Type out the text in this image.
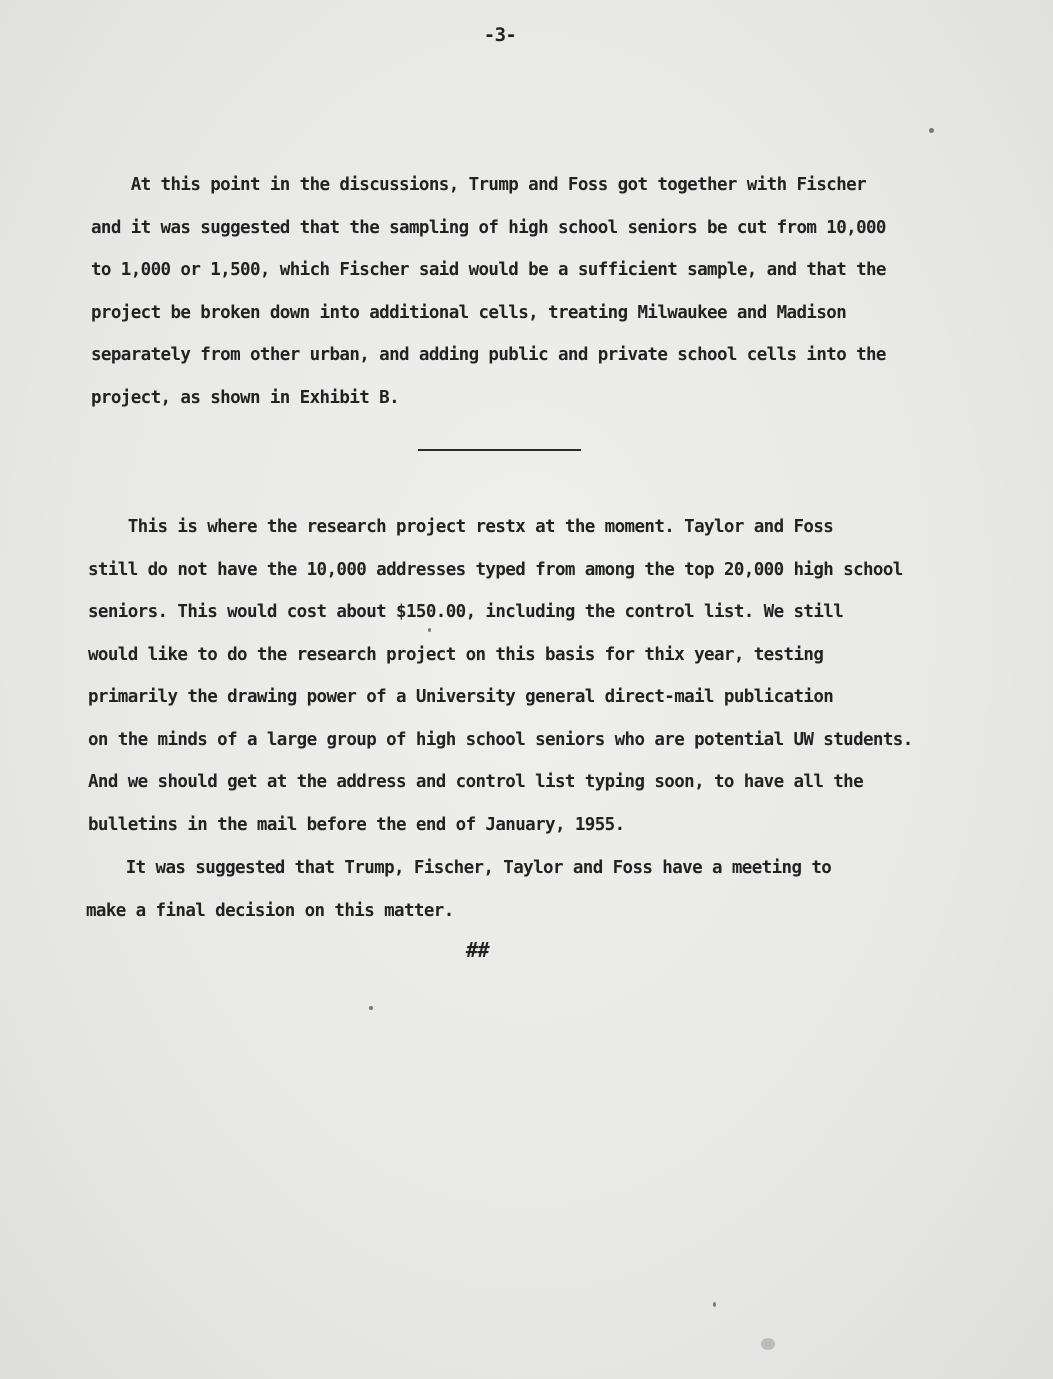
-3-
At this point in the discussions, Trump and Foss got together with Fischer
and it was suggested that the sampling of high school seniors be cut from 10,000
to 1,000 or 1,500, which Fischer said would be a sufficient sample, and that the
project be broken down into additional cells, treating Milwaukee and Madison
separately from other urban, and adding public and private school cells into the
project, as shown in Exhibit B.
This is where the research project restx at the moment. Taylor and Foss
still do not have the 10,000 addresses typed from among the top 20,000 high school
seniors. This would cost about $150.00, including the control list. We still
would like to do the research project on this basis for thix year, testing
primarily the drawing power of a University general direct-mail publication
on the minds of a large group of high school seniors who are potential UW students.
And we should get at the address and control list typing soon, to have all the
bulletins in the mail before the end of January, 1955.
It was suggested that Trump, Fischer, Taylor and Foss have a meeting to
make a final decision on this matter.
##
